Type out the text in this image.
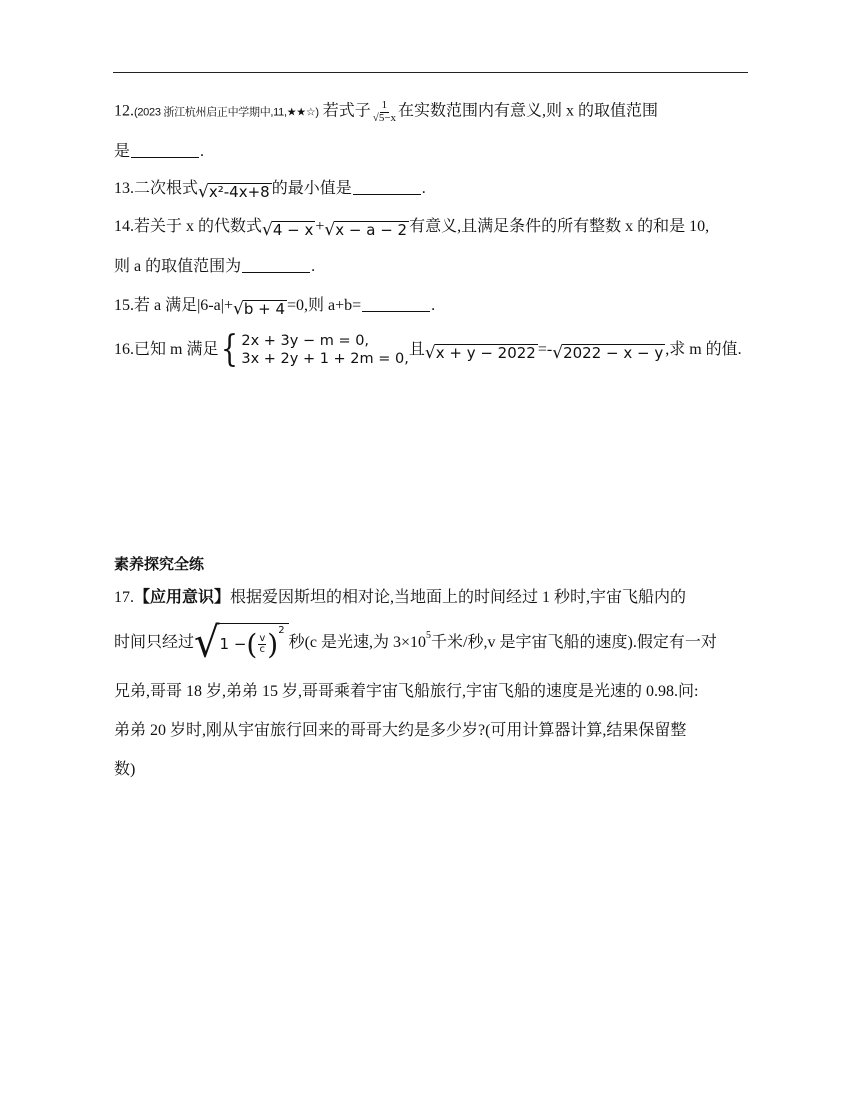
12.(2023 浙江杭州启正中学期中,11,★★☆) 若式子 $\frac{1}{√5-x}$ 在实数范围内有意义,则 x 的取值范围
是	.
13.二次根式 √ x²-4x+8 的最小值是	.
14.若关于 x 的代数式 √ 4 − x + √ x − a − 2 有意义,且满足条件的所有整数 x 的和是 10,
则 a 的取值范围为	.
15.若 a 满足|6-a|+ √ b + 4 =0,则 a+b=	.
16.已知 m 满足 { 2x + 3y − m = 0,
3x + 2y + 1 + 2m = 0,
且 √ x + y − 2022 =- √ 2022 − x − y ,求 m 的值.
素养探究全练
17.【应用意识】根据爱因斯坦的相对论,当地面上的时间经过 1 秒时,宇宙飞船内的
时间只经过 √ 1 − ( v
c )$^2$
秒(c 是光速,为 $3\times 10^5$ 千米/秒,v 是宇宙飞船的速度).假定有一对
兄弟,哥哥 18 岁,弟弟 15 岁,哥哥乘着宇宙飞船旅行,宇宙飞船的速度是光速的 0.98.问:
弟弟 20 岁时,刚从宇宙旅行回来的哥哥大约是多少岁?(可用计算器计算,结果保留整
数)
